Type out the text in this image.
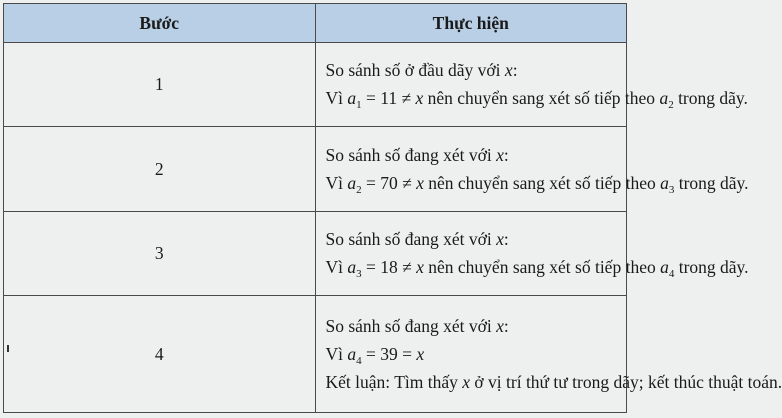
Bước	Thực hiện
1	So sánh số ở đầu dãy với x:
Vì $a_1 = 11 \ne x$ nên chuyển sang xét số tiếp theo $a_2$ trong dãy.

2	So sánh số đang xét với x:
Vì $a_2 = 70 \ne x$ nên chuyển sang xét số tiếp theo $a_3$ trong dãy.

3	So sánh số đang xét với x:
Vì $a_3 = 18 \ne x$ nên chuyển sang xét số tiếp theo $a_4$ trong dãy.

4	So sánh số đang xét với x:
Vì $a_4 = 39 = x$
Kết luận: Tìm thấy x ở vị trí thứ tư trong dãy; kết thúc thuật toán.
